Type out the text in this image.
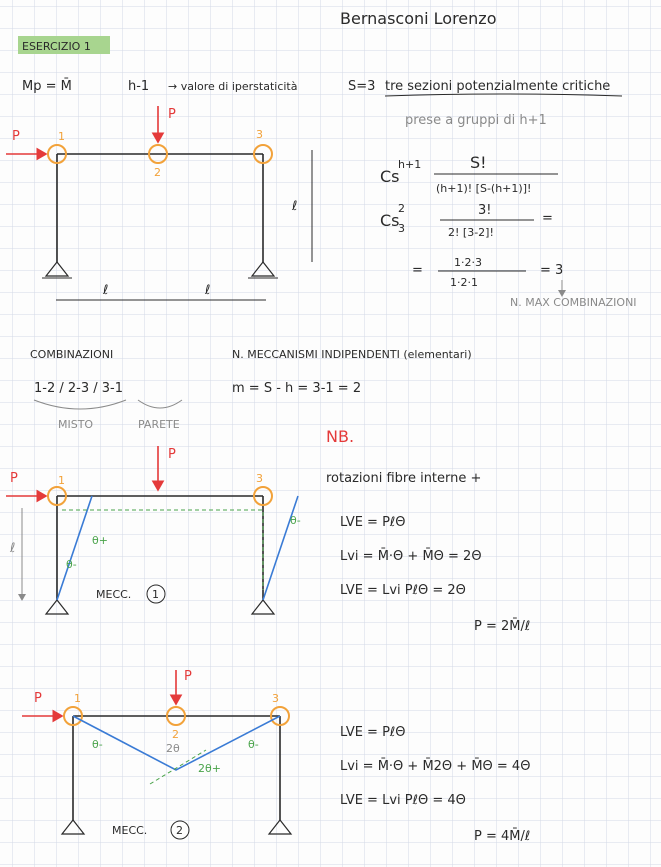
Bernasconi Lorenzo
ESERCIZIO 1
Mp = M̄	h-1 → valore di iperstaticità	S=3 tre sezioni potenzialmente critiche
prese a gruppi di h+1
P
P
1
2
3
ℓ
ℓ	ℓ
Cs
h+1	S!
(h+1)! [S-(h+1)]!
Cs
2
3
3!
2! [3-2]!
=
=
1·2·3
1·2·1
= 3
N. MAX COMBINAZIONI
COMBINAZIONI
1-2 / 2-3 / 3-1
MISTO	PARETE
N. MECCANISMI INDIPENDENTI (elementari)
m = S - h = 3-1 = 2
NB.
rotazioni fibre interne +
P
P
1	3
ℓ
θ+
θ-
θ-
MECC. 1
LVE = PℓΘ
Lvi = M̄·Θ + M̄Θ = 2Θ
LVE = Lvi PℓΘ = 2Θ
P = 2M̄/ℓ
P
P
1
2
3
θ-	2θ
2θ+
θ-
MECC.	2
LVE = PℓΘ
Lvi = M̄·Θ + M̄2Θ + M̄Θ = 4Θ
LVE = Lvi PℓΘ = 4Θ
P = 4M̄/ℓ
